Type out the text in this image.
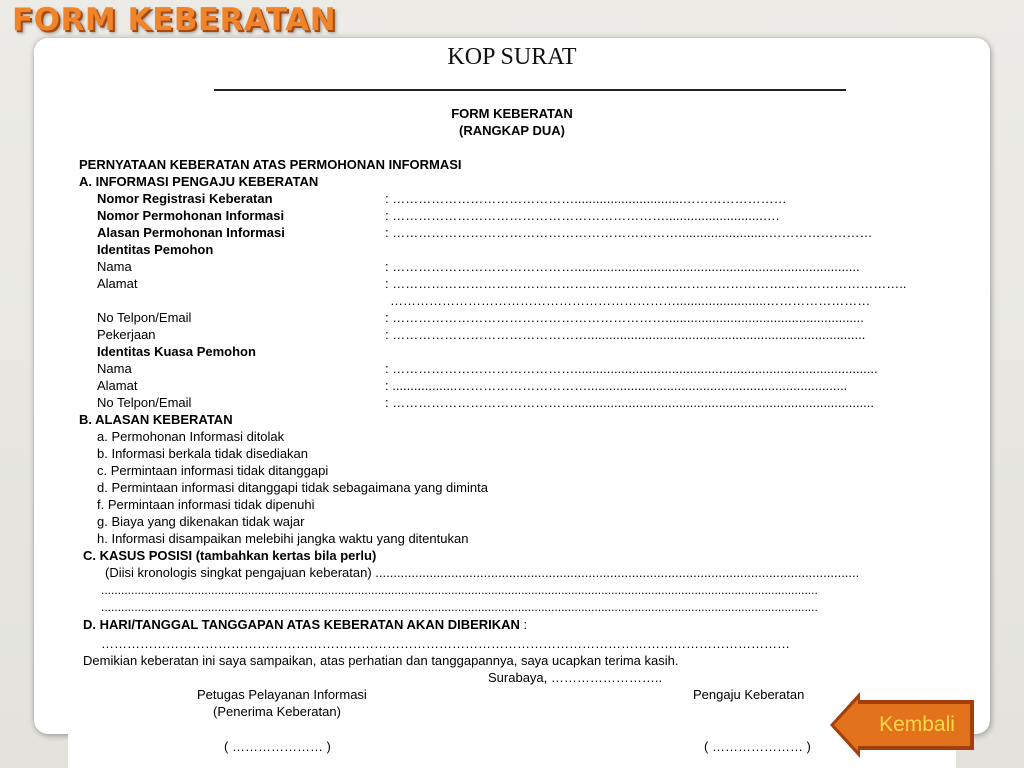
FORM KEBERATAN
KOP SURAT
FORM KEBERATAN
(RANGKAP DUA)
PERNYATAAN KEBERATAN ATAS PERMOHONAN INFORMASI
A. INFORMASI PENGAJU KEBERATAN
Nomor Registrasi Keberatan	: ……………………………………..............................……………………
Nomor Permohonan Informasi	: ………………………………………………………...........................….
Alasan Permohonan Informasi	: ………………………………………………………….........................……………………
Identitas Pemohon
Nama	: ……………………………………...............................................................................
Alamat	: ………………………………………………………………………………………………………..
………………………………………………………….........................……………………
No Telpon/Email	: ……………………………………………………….......................................................
Pekerjaan	: ……………………………………….............................................................................
Identitas Kuasa Pemohon
Nama	: ……………………………………....................................................................................
Alamat	: ..................…………………………........................................................................
No Telpon/Email	: ……………………………………...................................................................................
B. ALASAN KEBERATAN
a. Permohonan Informasi ditolak
b. Informasi berkala tidak disediakan
c. Permintaan informasi tidak ditanggapi
d. Permintaan informasi ditanggapi tidak sebagaimana yang diminta
f. Permintaan informasi tidak dipenuhi
g. Biaya yang dikenakan tidak wajar
h. Informasi disampaikan melebihi jangka waktu yang ditentukan
C. KASUS POSISI (tambahkan kertas bila perlu)
(Diisi kronologis singkat pengajuan keberatan) ......................................................................................................................................
.......................................................................................................................................................................................................................
.......................................................................................................................................................................................................................
D. HARI/TANGGAL TANGGAPAN ATAS KEBERATAN AKAN DIBERIKAN :
……………………………………………………………………………………………………………………………………………
Demikian keberatan ini saya sampaikan, atas perhatian dan tanggapannya, saya ucapkan terima kasih.
Surabaya, ……………………..
Petugas Pelayanan Informasi
(Penerima Keberatan)
( ………………… )
Pengaju Keberatan
( ………………… )
Kembali
